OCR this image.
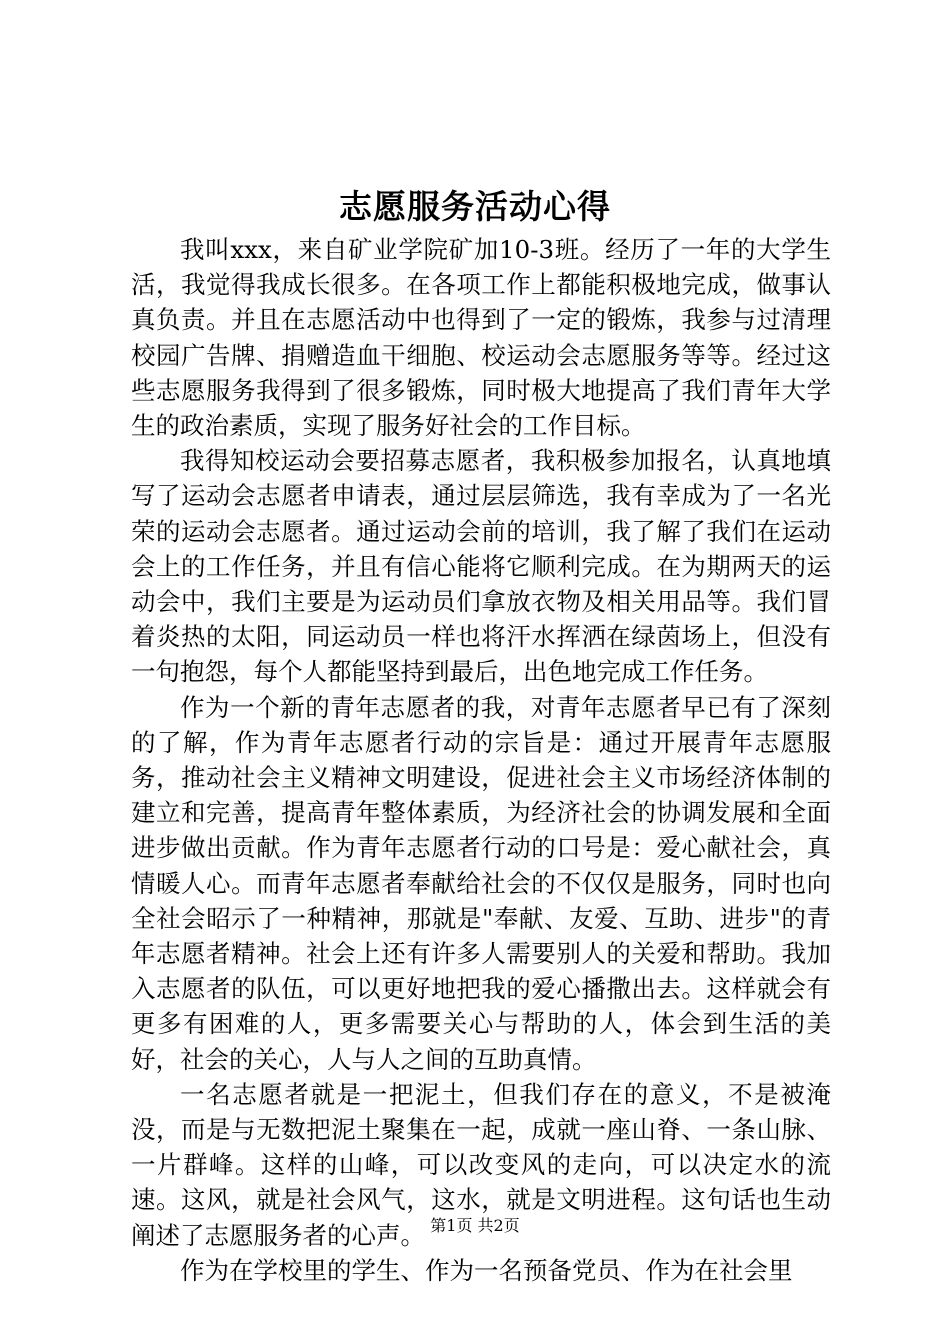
志愿服务活动心得

我叫xxx，来自矿业学院矿加10-3班。经历了一年的大学生活，我觉得我成长很多。在各项工作上都能积极地完成，做事认真负责。并且在志愿活动中也得到了一定的锻炼，我参与过清理校园广告牌、捐赠造血干细胞、校运动会志愿服务等等。经过这些志愿服务我得到了很多锻炼，同时极大地提高了我们青年大学生的政治素质，实现了服务好社会的工作目标。

我得知校运动会要招募志愿者，我积极参加报名，认真地填写了运动会志愿者申请表，通过层层筛选，我有幸成为了一名光荣的运动会志愿者。通过运动会前的培训，我了解了我们在运动会上的工作任务，并且有信心能将它顺利完成。在为期两天的运动会中，我们主要是为运动员们拿放衣物及相关用品等。我们冒着炎热的太阳，同运动员一样也将汗水挥洒在绿茵场上，但没有一句抱怨，每个人都能坚持到最后，出色地完成工作任务。

作为一个新的青年志愿者的我，对青年志愿者早已有了深刻的了解，作为青年志愿者行动的宗旨是：通过开展青年志愿服务，推动社会主义精神文明建设，促进社会主义市场经济体制的建立和完善，提高青年整体素质，为经济社会的协调发展和全面进步做出贡献。作为青年志愿者行动的口号是：爱心献社会，真情暖人心。而青年志愿者奉献给社会的不仅仅是服务，同时也向全社会昭示了一种精神，那就是"奉献、友爱、互助、进步"的青年志愿者精神。社会上还有许多人需要别人的关爱和帮助。我加入志愿者的队伍，可以更好地把我的爱心播撒出去。这样就会有更多有困难的人，更多需要关心与帮助的人，体会到生活的美好，社会的关心，人与人之间的互助真情。

一名志愿者就是一把泥土，但我们存在的意义，不是被淹没，而是与无数把泥土聚集在一起，成就一座山脊、一条山脉、一片群峰。这样的山峰，可以改变风的走向，可以决定水的流速。这风，就是社会风气，这水，就是文明进程。这句话也生动阐述了志愿服务者的心声。

作为在学校里的学生、作为一名预备党员、作为在社会里

第1页 共2页
